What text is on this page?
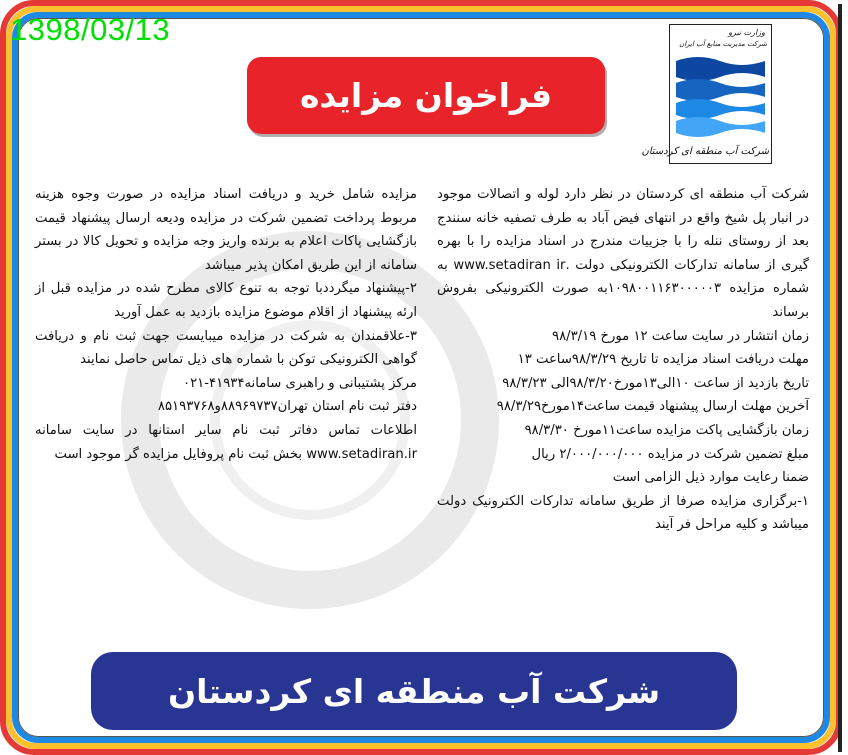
1398/03/13	وزارت نیرو
شرکت مدیریت منابع آب ایران
شرکت آب منطقه ای کردستان
فراخوان مزایده

شرکت آب منطقه ای کردستان در نظر دارد لوله و اتصالات موجود در انبار پل شیخ واقع در انتهای فیض آباد به طرف تصفیه خانه سنندج بعد از روستای ننله را با جزییات مندرج در اسناد مزایده را با بهره گیری از سامانه تدارکات الکترونیکی دولت .www.setadiran ir به شماره مزایده ۱۰۹۸۰۰۱۱۶۳۰۰۰۰۰۳به صورت الکترونیکی بفروش برساند

زمان انتشار در سایت ساعت ۱۲ مورخ ۹۸/۳/۱۹

مهلت دریافت اسناد مزایده تا تاریخ ۹۸/۳/۲۹ساعت ۱۳

تاریخ بازدید از ساعت ۱۰الی۱۳مورخ۹۸/۳/۲۰الی ۹۸/۳/۲۳

آخرین مهلت ارسال پیشنهاد قیمت ساعت۱۴مورخ۹۸/۳/۲۹

زمان بازگشایی پاکت مزایده ساعت۱۱مورخ ۹۸/۳/۳۰

مبلغ تضمین شرکت در مزایده ۲/۰۰۰/۰۰۰/۰۰۰ ریال

ضمنا رعایت موارد ذیل الزامی است

۱-برگزاری مزایده صرفا از طریق سامانه تدارکات الکترونیک دولت میباشد و کلیه مراحل فر آیند

مزایده شامل خرید و دریافت اسناد مزایده در صورت وجوه هزینه مربوط پرداخت تضمین شرکت در مزایده ودیعه ارسال پیشنهاد قیمت بازگشایی پاکات اعلام به برنده واریز وجه مزایده و تحویل کالا در بستر سامانه از این طریق امکان پذیر میباشد

۲-پیشنهاد میگرددبا توجه به تنوع کالای مطرح شده در مزایده قبل از ارئه پیشنهاد از اقلام موضوع مزایده بازدید به عمل آورید

۳-علاقمندان به شرکت در مزایده میبایست جهت ثبت نام و دریافت گواهی الکترونیکی توکن با شماره های ذیل تماس حاصل نمایند

مرکز پشتیبانی و راهبری سامانه۴۱۹۳۴-۰۲۱

دفتر ثبت نام استان تهران۸۸۹۶۹۷۳۷و۸۵۱۹۳۷۶۸

اطلاعات تماس دفاتر ثبت نام سایر استانها در سایت سامانه www.setadiran.ir بخش ثبت نام پروفایل مزایده گر موجود است

شرکت آب منطقه ای کردستان
